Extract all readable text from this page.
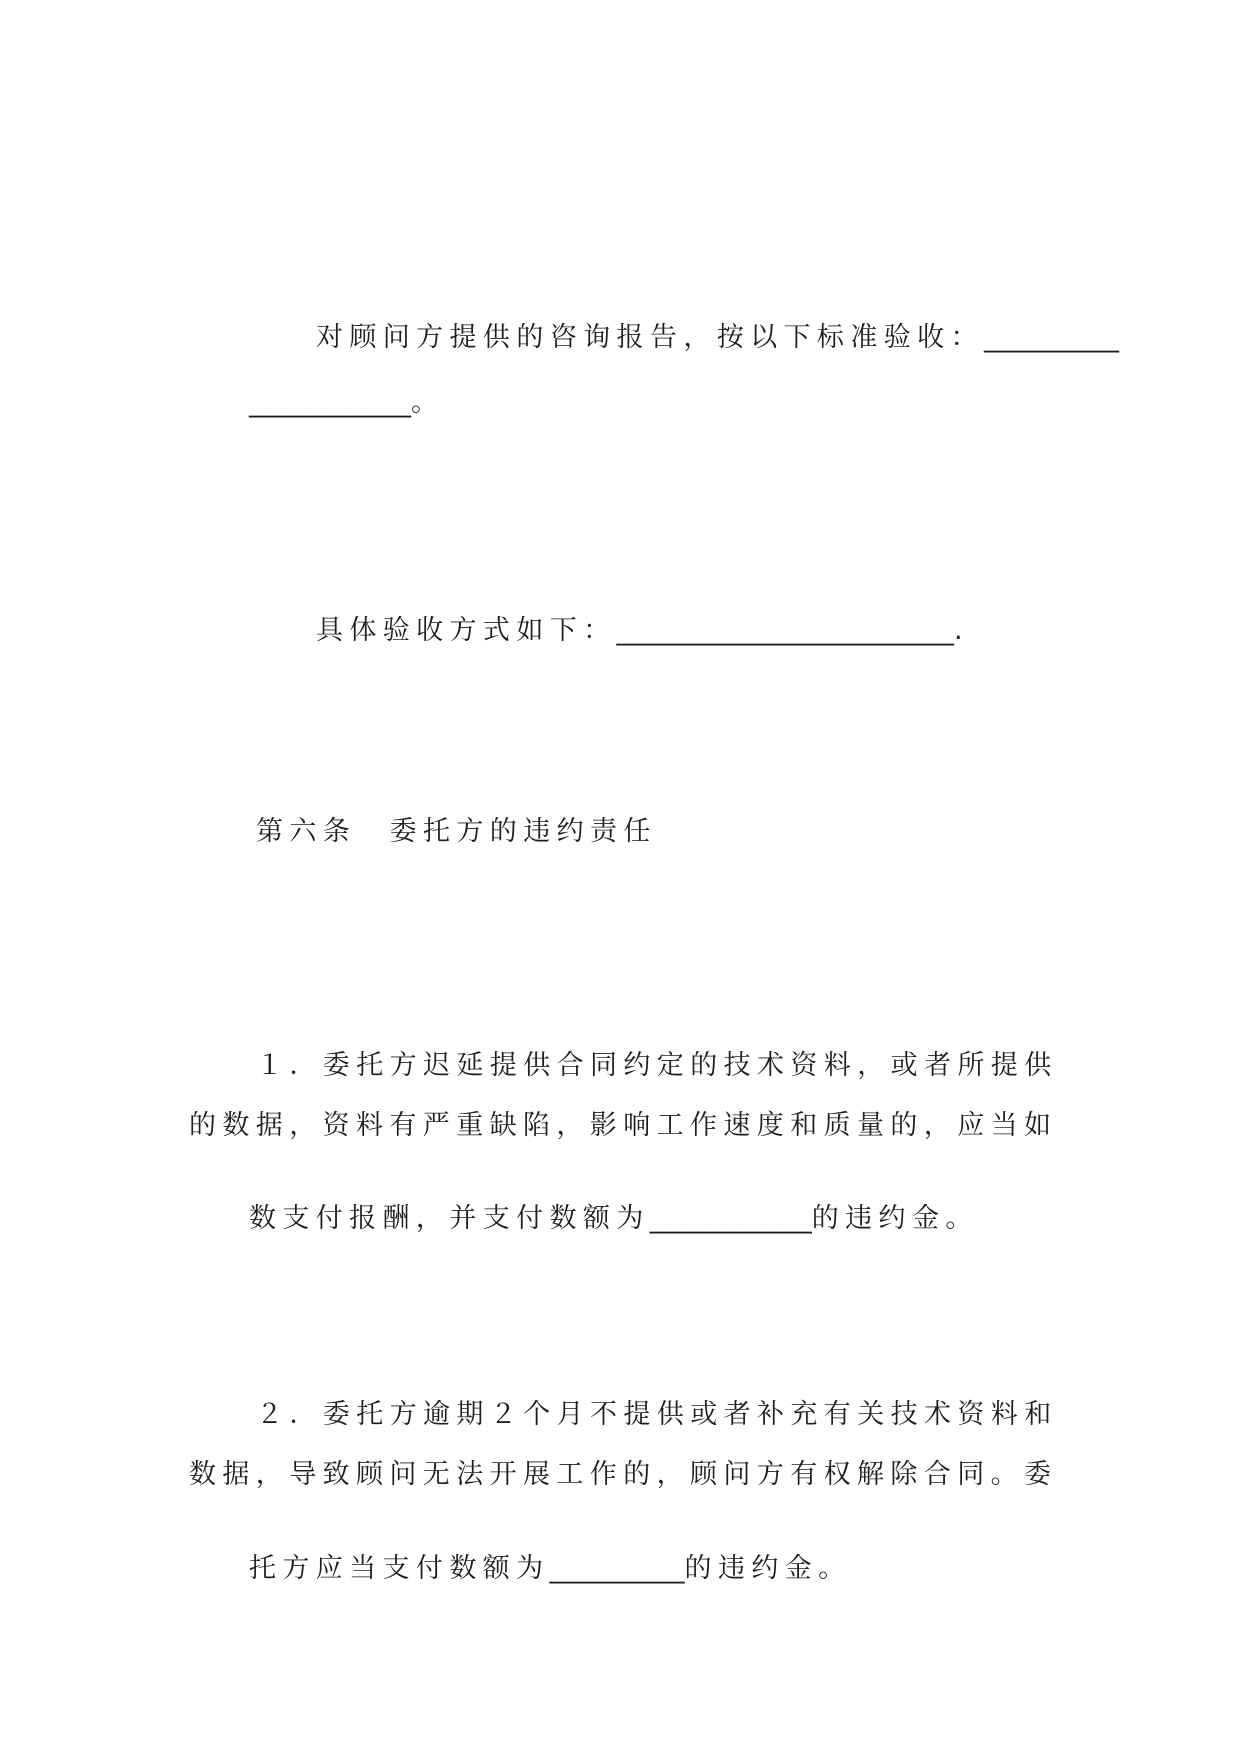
对顾问方提供的咨询报告，按以下标准验收：__________

____________。

具体验收方式如下：_________________________.

第六条　委托方的违约责任
１．委托方迟延提供合同约定的技术资料，或者所提供
的数据，资料有严重缺陷，影响工作速度和质量的，应当如

数支付报酬，并支付数额为____________的违约金。

２．委托方逾期２个月不提供或者补充有关技术资料和
数据，导致顾问无法开展工作的，顾问方有权解除合同。委

托方应当支付数额为__________的违约金。
